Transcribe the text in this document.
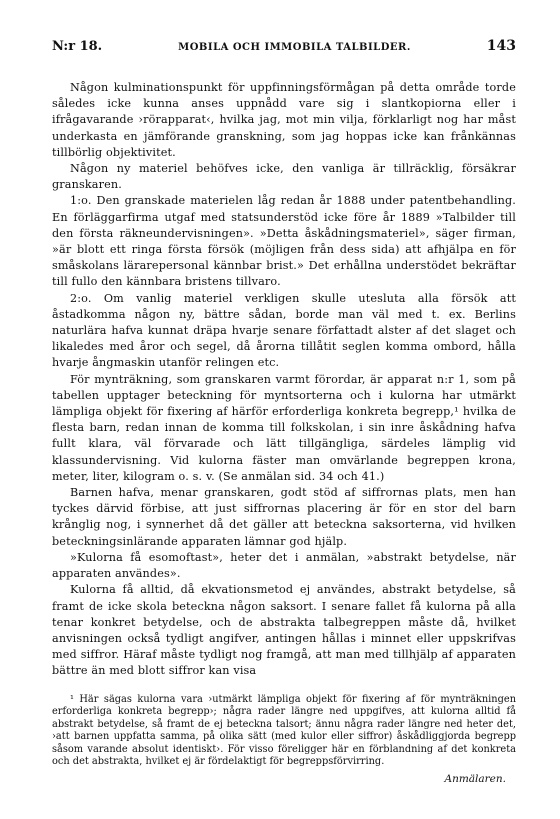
N:r 18.	MOBILA OCH IMMOBILA TALBILDER.	143

Någon kulminationspunkt för uppfinningsförmågan på detta område torde således icke kunna anses uppnådd vare sig i slantkopiorna eller i ifrågavarande ›rörapparat‹, hvilka jag, mot min vilja, förklarligt nog har måst underkasta en jämförande granskning, som jag hoppas icke kan frånkännas tillbörlig objektivitet.

Någon ny materiel behöfves icke, den vanliga är tillräcklig, försäkrar granskaren.

1:o. Den granskade materielen låg redan år 1888 under patentbehandling. En förläggarfirma utgaf med statsunderstöd icke före år 1889 »Talbilder till den första räkneundervisningen». »Detta åskådningsmateriel», säger firman, »är blott ett ringa första försök (möjligen från dess sida) att afhjälpa en för småskolans lärarepersonal kännbar brist.» Det erhållna understödet bekräftar till fullo den kännbara bristens tillvaro.

2:o. Om vanlig materiel verkligen skulle utesluta alla försök att åstadkomma någon ny, bättre sådan, borde man väl med t. ex. Berlins naturlära hafva kunnat dräpa hvarje senare författadt alster af det slaget och likaledes med åror och segel, då årorna tillåtit seglen komma ombord, hålla hvarje ångmaskin utanför relingen etc.

För mynträkning, som granskaren varmt förordar, är apparat n:r 1, som på tabellen upptager beteckning för myntsorterna och i kulorna har utmärkt lämpliga objekt för fixering af härför erforderliga konkreta begrepp,¹ hvilka de flesta barn, redan innan de komma till folkskolan, i sin inre åskådning hafva fullt klara, väl förvarade och lätt tillgängliga, särdeles lämplig vid klassundervisning. Vid kulorna fäster man omvärlande begreppen krona, meter, liter, kilogram o. s. v. (Se anmälan sid. 34 och 41.)

Barnen hafva, menar granskaren, godt stöd af siffrornas plats, men han tyckes därvid förbise, att just siffrornas placering är för en stor del barn krånglig nog, i synnerhet då det gäller att beteckna saksorterna, vid hvilken beteckningsinlärande apparaten lämnar god hjälp.

»Kulorna få esomoftast», heter det i anmälan, »abstrakt betydelse, när apparaten användes».

Kulorna få alltid, då ekvationsmetod ej användes, abstrakt betydelse, så framt de icke skola beteckna någon saksort. I senare fallet få kulorna på alla tenar konkret betydelse, och de abstrakta talbegreppen måste då, hvilket anvisningen också tydligt angifver, antingen hållas i minnet eller uppskrifvas med siffror. Häraf måste tydligt nog framgå, att man med tillhjälp af apparaten bättre än med blott siffror kan visa

¹ Här sägas kulorna vara ›utmärkt lämpliga objekt för fixering af för mynträkningen erforderliga konkreta begrepp›; några rader längre ned uppgifves, att kulorna alltid få abstrakt betydelse, så framt de ej beteckna talsort; ännu några rader längre ned heter det, ›att barnen uppfatta samma, på olika sätt (med kulor eller siffror) åskådliggjorda begrepp såsom varande absolut identiskt›. För visso föreligger här en förblandning af det konkreta och det abstrakta, hvilket ej är fördelaktigt för begreppsförvirring.

Anmälaren.
